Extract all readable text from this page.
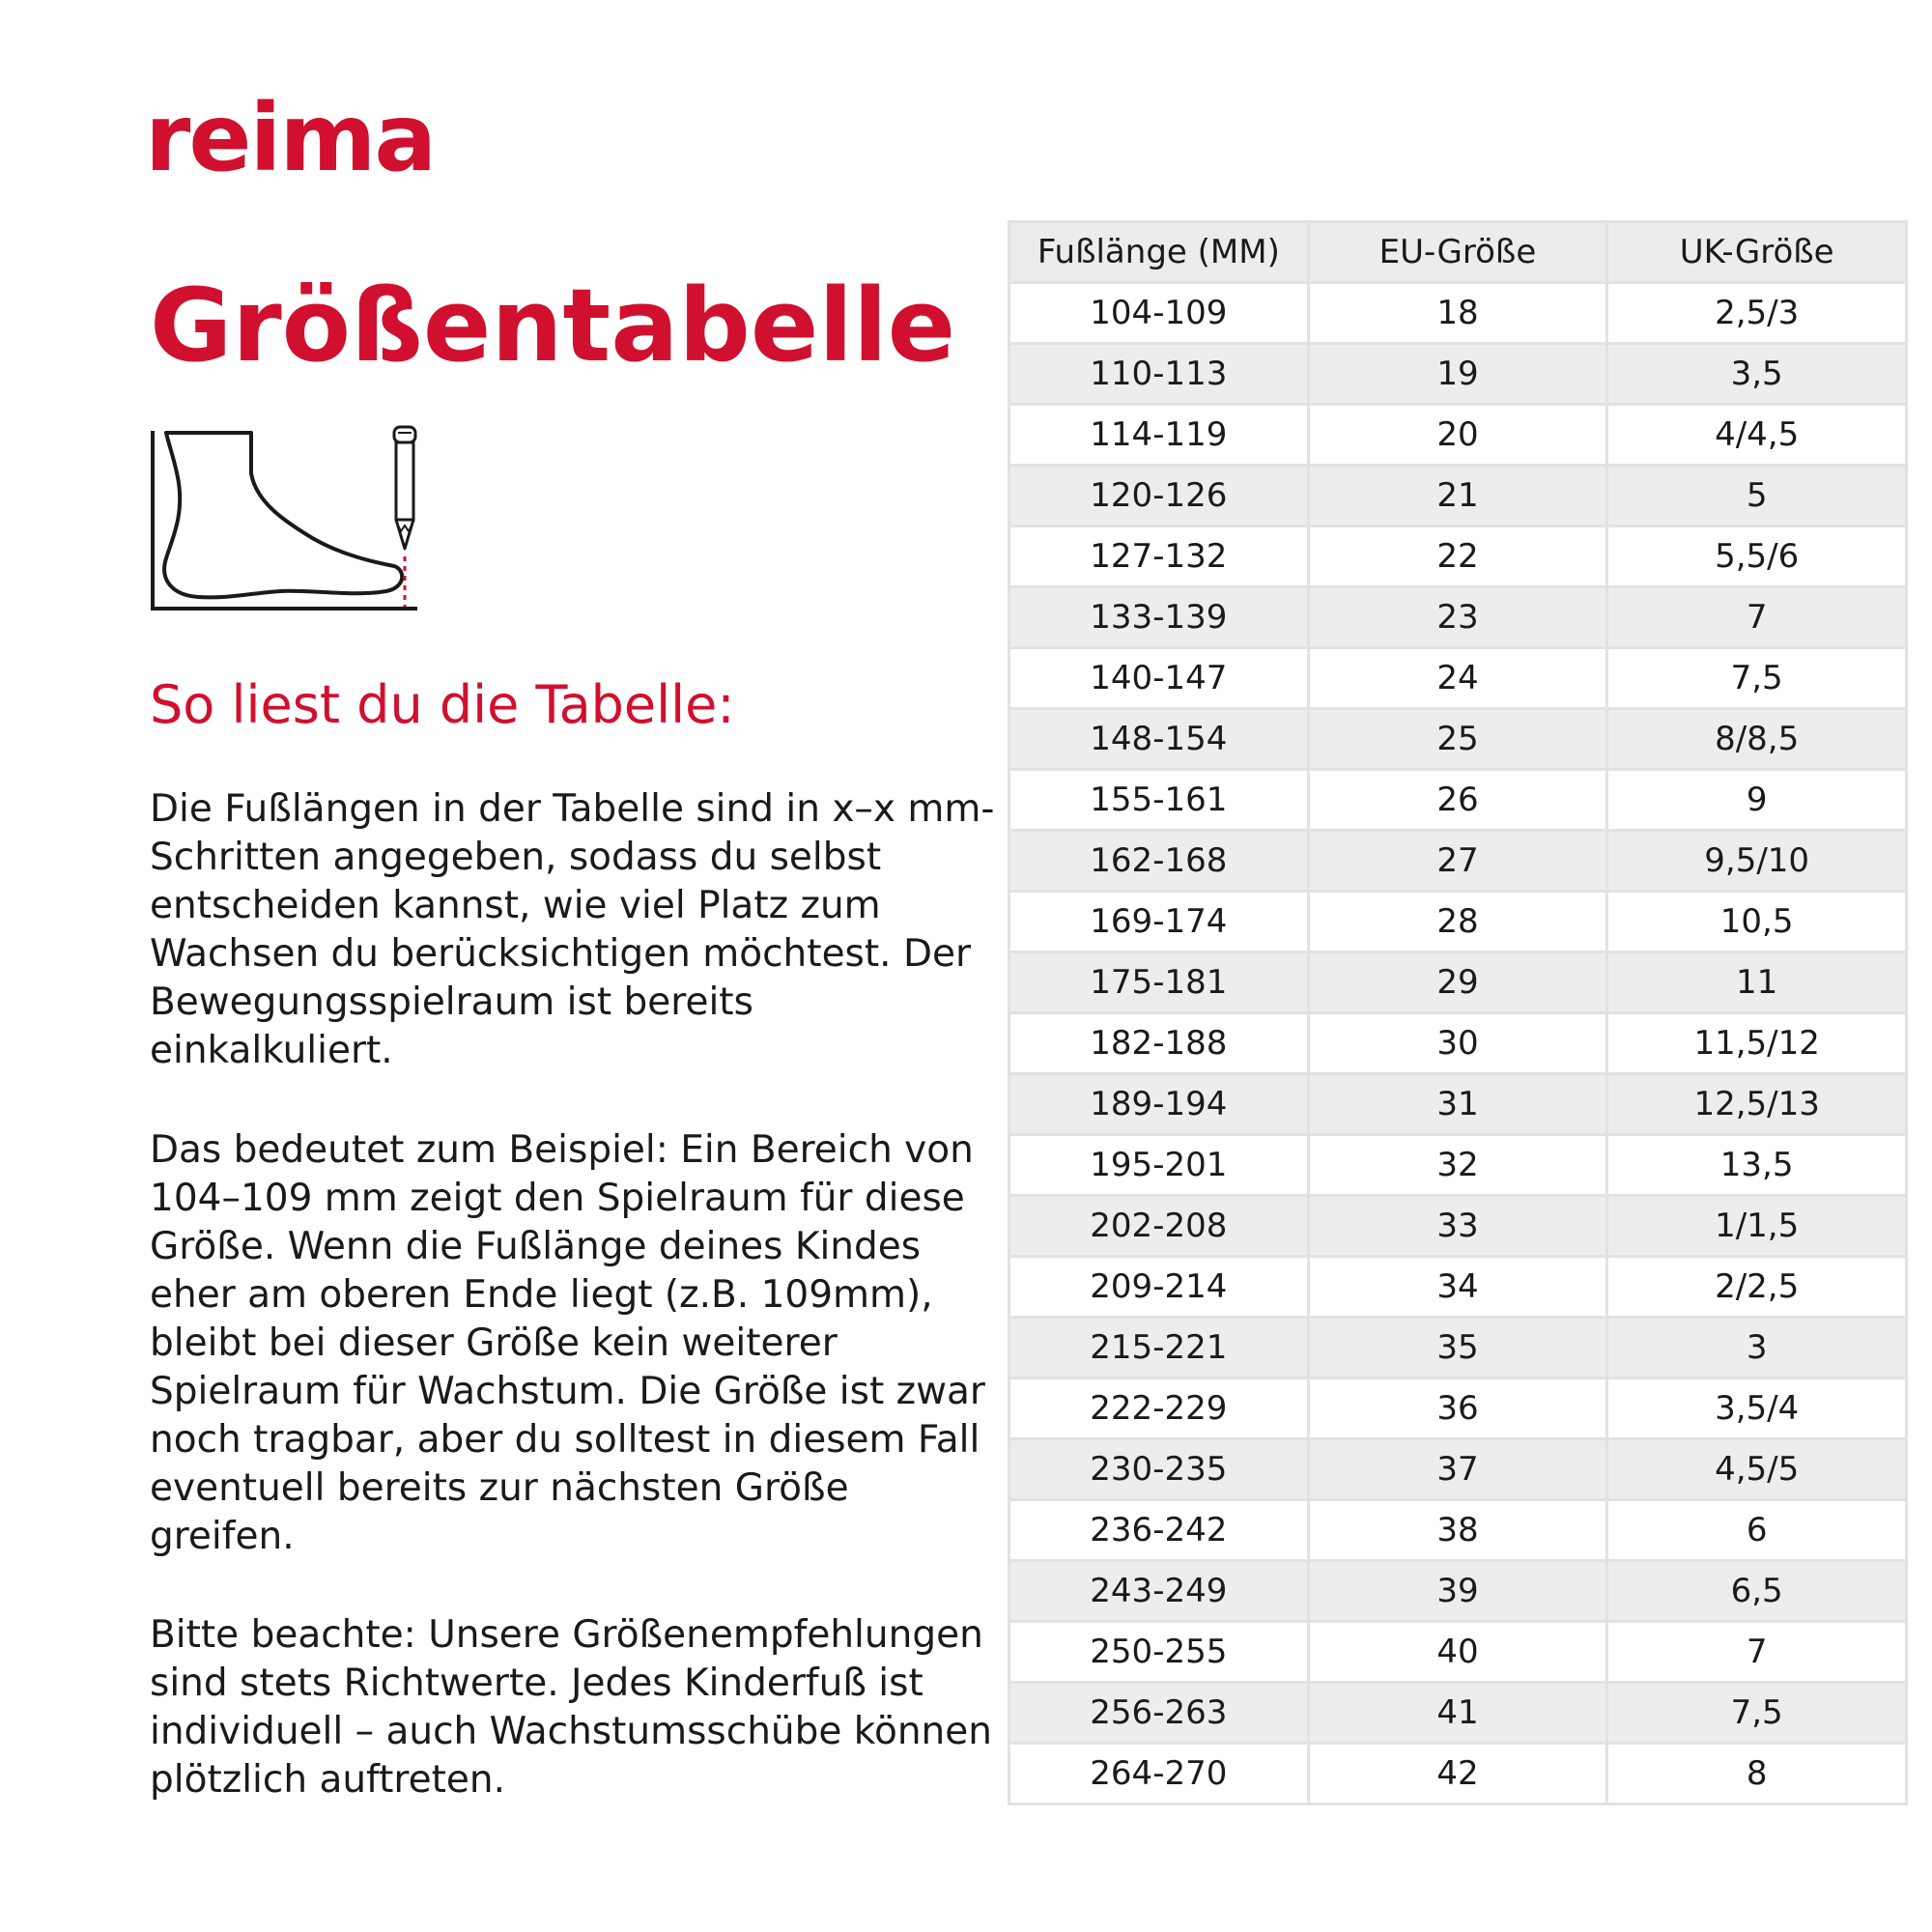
reima
Größentabelle
So liest du die Tabelle:

Die Fußlängen in der Tabelle sind in x–x mm-Schritten angegeben, sodass du selbst entscheiden kannst, wie viel Platz zum Wachsen du berücksichtigen möchtest. Der Bewegungsspielraum ist bereits einkalkuliert.

Das bedeutet zum Beispiel: Ein Bereich von 104–109 mm zeigt den Spielraum für diese Größe. Wenn die Fußlänge deines Kindes eher am oberen Ende liegt (z.B. 109mm), bleibt bei dieser Größe kein weiterer Spielraum für Wachstum. Die Größe ist zwar noch tragbar, aber du solltest in diesem Fall eventuell bereits zur nächsten Größe greifen.

Bitte beachte: Unsere Größenempfehlungen sind stets Richtwerte. Jedes Kinderfuß ist individuell – auch Wachstumsschübe können plötzlich auftreten.

Fußlänge (MM)	EU-Größe	UK-Größe
104-109	18	2,5/3
110-113	19	3,5
114-119	20	4/4,5
120-126	21	5
127-132	22	5,5/6
133-139	23	7
140-147	24	7,5
148-154	25	8/8,5
155-161	26	9
162-168	27	9,5/10
169-174	28	10,5
175-181	29	11
182-188	30	11,5/12
189-194	31	12,5/13
195-201	32	13,5
202-208	33	1/1,5
209-214	34	2/2,5
215-221	35	3
222-229	36	3,5/4
230-235	37	4,5/5
236-242	38	6
243-249	39	6,5
250-255	40	7
256-263	41	7,5
264-270	42	8
